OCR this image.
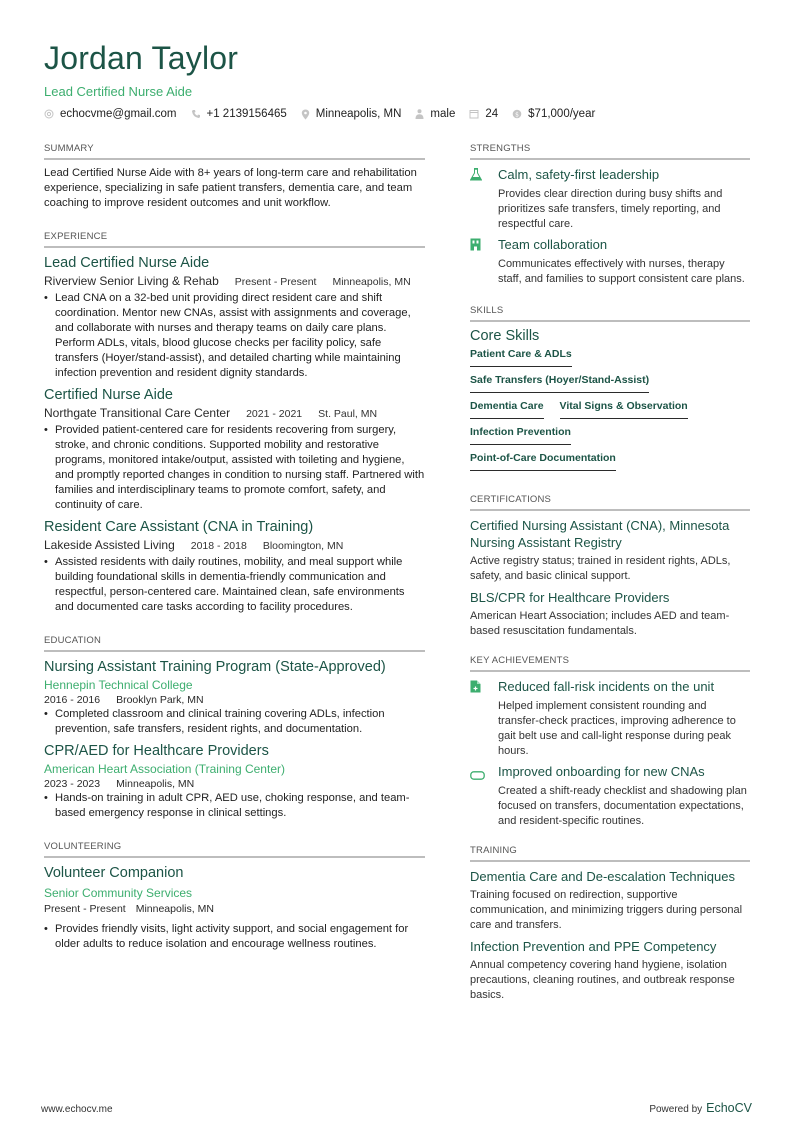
Jordan Taylor
Lead Certified Nurse Aide
echocvme@gmail.com	+1 2139156465	Minneapolis, MN	male	24	$ $71,000/year
SUMMARY

Lead Certified Nurse Aide with 8+ years of long-term care and rehabilitation experience, specializing in safe patient transfers, dementia care, and team coaching to improve resident outcomes and unit workflow.

EXPERIENCE
Lead Certified Nurse Aide
Riverview Senior Living & Rehab Present - Present Minneapolis, MN
• Lead CNA on a 32-bed unit providing direct resident care and shift coordination. Mentor new CNAs, assist with assignments and coverage, and collaborate with nurses and therapy teams on daily care plans. Perform ADLs, vitals, blood glucose checks per facility policy, safe transfers (Hoyer/stand-assist), and detailed charting while maintaining infection prevention and resident dignity standards.
Certified Nurse Aide
Northgate Transitional Care Center 2021 - 2021 St. Paul, MN
• Provided patient-centered care for residents recovering from surgery, stroke, and chronic conditions. Supported mobility and restorative programs, monitored intake/output, assisted with toileting and hygiene, and promptly reported changes in condition to nursing staff. Partnered with families and interdisciplinary teams to promote comfort, safety, and continuity of care.
Resident Care Assistant (CNA in Training)
Lakeside Assisted Living 2018 - 2018 Bloomington, MN
• Assisted residents with daily routines, mobility, and meal support while building foundational skills in dementia-friendly communication and respectful, person-centered care. Maintained clean, safe environments and documented care tasks according to facility procedures.
EDUCATION
Nursing Assistant Training Program (State-Approved)
Hennepin Technical College
2016 - 2016 Brooklyn Park, MN
• Completed classroom and clinical training covering ADLs, infection prevention, safe transfers, resident rights, and documentation.
CPR/AED for Healthcare Providers
American Heart Association (Training Center)
2023 - 2023 Minneapolis, MN
• Hands-on training in adult CPR, AED use, choking response, and team-based emergency response in clinical settings.
VOLUNTEERING
Volunteer Companion
Senior Community Services
Present - Present Minneapolis, MN
• Provides friendly visits, light activity support, and social engagement for older adults to reduce isolation and encourage wellness routines.
STRENGTHS
Calm, safety-first leadership
Provides clear direction during busy shifts and prioritizes safe transfers, timely reporting, and respectful care.
Team collaboration
Communicates effectively with nurses, therapy staff, and families to support consistent care plans.
SKILLS
Core Skills
Patient Care & ADLs
Safe Transfers (Hoyer/Stand-Assist)
Dementia Care Vital Signs & Observation
Infection Prevention
Point-of-Care Documentation
CERTIFICATIONS
Certified Nursing Assistant (CNA), Minnesota Nursing Assistant Registry
Active registry status; trained in resident rights, ADLs, safety, and basic clinical support.
BLS/CPR for Healthcare Providers
American Heart Association; includes AED and team-based resuscitation fundamentals.
KEY ACHIEVEMENTS
Reduced fall-risk incidents on the unit
Helped implement consistent rounding and transfer-check practices, improving adherence to gait belt use and call-light response during peak hours.
Improved onboarding for new CNAs
Created a shift-ready checklist and shadowing plan focused on transfers, documentation expectations, and resident-specific routines.
TRAINING
Dementia Care and De-escalation Techniques
Training focused on redirection, supportive communication, and minimizing triggers during personal care and transfers.
Infection Prevention and PPE Competency
Annual competency covering hand hygiene, isolation precautions, cleaning routines, and outbreak response basics.
www.echocv.me	Powered by EchoCV
